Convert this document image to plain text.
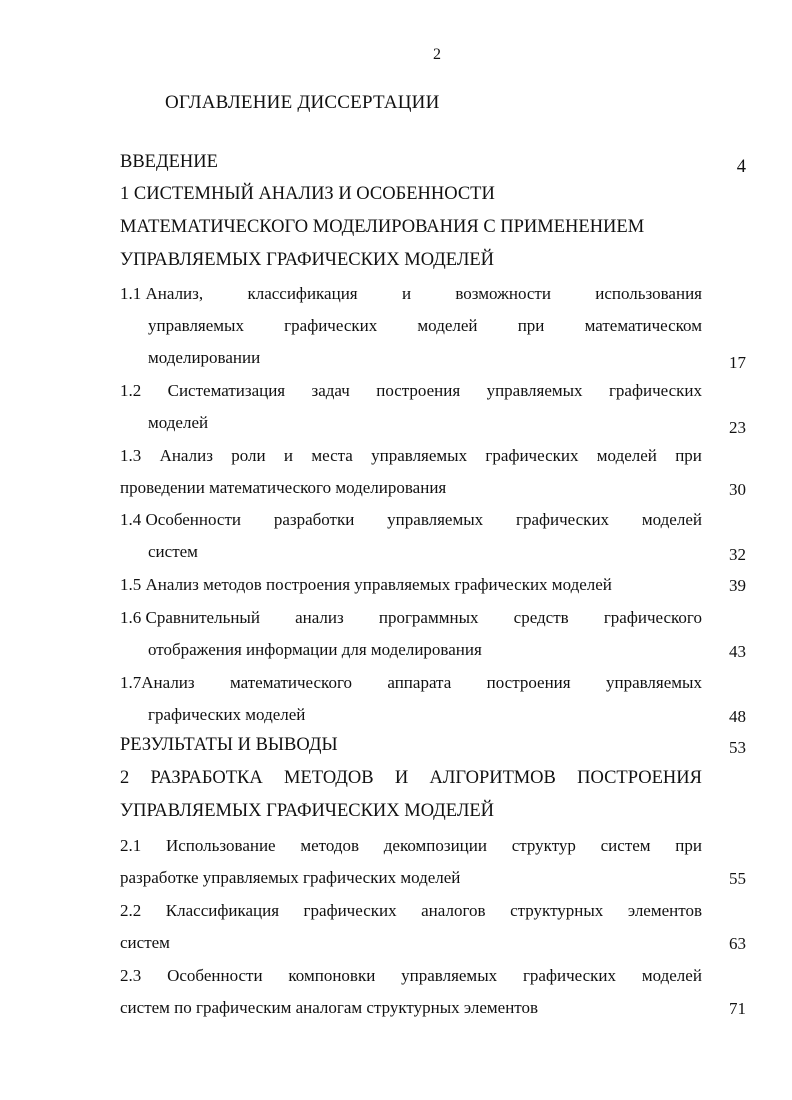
2
ОГЛАВЛЕНИЕ ДИССЕРТАЦИИ
ВВЕДЕНИЕ	4
1 СИСТЕМНЫЙ АНАЛИЗ И ОСОБЕННОСТИ
МАТЕМАТИЧЕСКОГО МОДЕЛИРОВАНИЯ С ПРИМЕНЕНИЕМ
УПРАВЛЯЕМЫХ ГРАФИЧЕСКИХ МОДЕЛЕЙ
1.1 Анализ,	классификация	и	возможности	использования
управляемых графических моделей при математическом
моделировании	17
1.2 Систематизация задач построения управляемых графических
моделей	23
1.3 Анализ роли и места управляемых графических моделей при
проведении математического моделирования	30
1.4 Особенности разработки управляемых графических моделей
систем	32
1.5 Анализ методов построения управляемых графических моделей	39
1.6 Сравнительный анализ программных средств графического
отображения информации для моделирования	43
1.7Анализ математического аппарата построения управляемых
графических моделей	48
РЕЗУЛЬТАТЫ И ВЫВОДЫ	53
2 РАЗРАБОТКА МЕТОДОВ И АЛГОРИТМОВ ПОСТРОЕНИЯ
УПРАВЛЯЕМЫХ ГРАФИЧЕСКИХ МОДЕЛЕЙ
2.1 Использование методов декомпозиции структур систем при
разработке управляемых графических моделей	55
2.2 Классификация графических аналогов структурных элементов
систем	63
2.3 Особенности компоновки управляемых графических моделей
систем по графическим аналогам структурных элементов	71
